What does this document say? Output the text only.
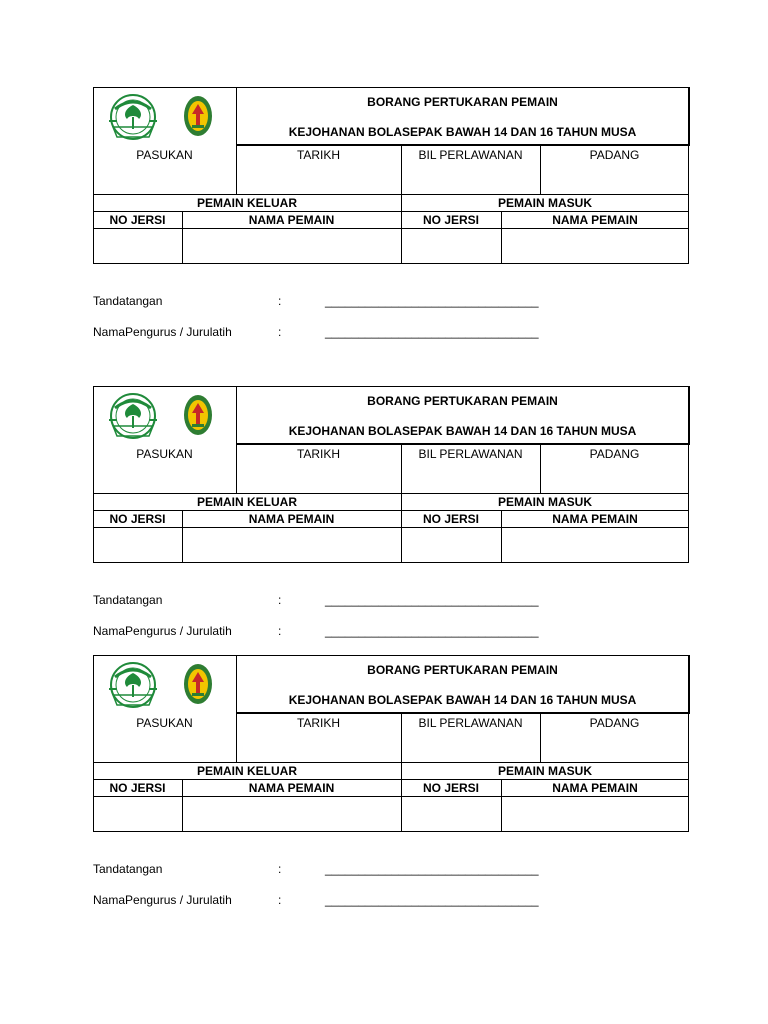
BORANG PERTUKARAN PEMAIN
KEJOHANAN BOLASEPAK BAWAH 14 DAN 16 TAHUN MUSA
PASUKAN	TARIKH	BIL PERLAWANAN	PADANG
PEMAIN KELUAR	PEMAIN MASUK
NO JERSI	NAMA PEMAIN	NO JERSI	NAMA PEMAIN
Tandatangan	:	________________________________
NamaPengurus / Jurulatih	:	________________________________
BORANG PERTUKARAN PEMAIN
KEJOHANAN BOLASEPAK BAWAH 14 DAN 16 TAHUN MUSA
PASUKAN	TARIKH	BIL PERLAWANAN	PADANG
PEMAIN KELUAR	PEMAIN MASUK
NO JERSI	NAMA PEMAIN	NO JERSI	NAMA PEMAIN
Tandatangan	:	________________________________
NamaPengurus / Jurulatih	:	________________________________
BORANG PERTUKARAN PEMAIN
KEJOHANAN BOLASEPAK BAWAH 14 DAN 16 TAHUN MUSA
PASUKAN	TARIKH	BIL PERLAWANAN	PADANG
PEMAIN KELUAR	PEMAIN MASUK
NO JERSI	NAMA PEMAIN	NO JERSI	NAMA PEMAIN
Tandatangan	:	________________________________
NamaPengurus / Jurulatih	:	________________________________
